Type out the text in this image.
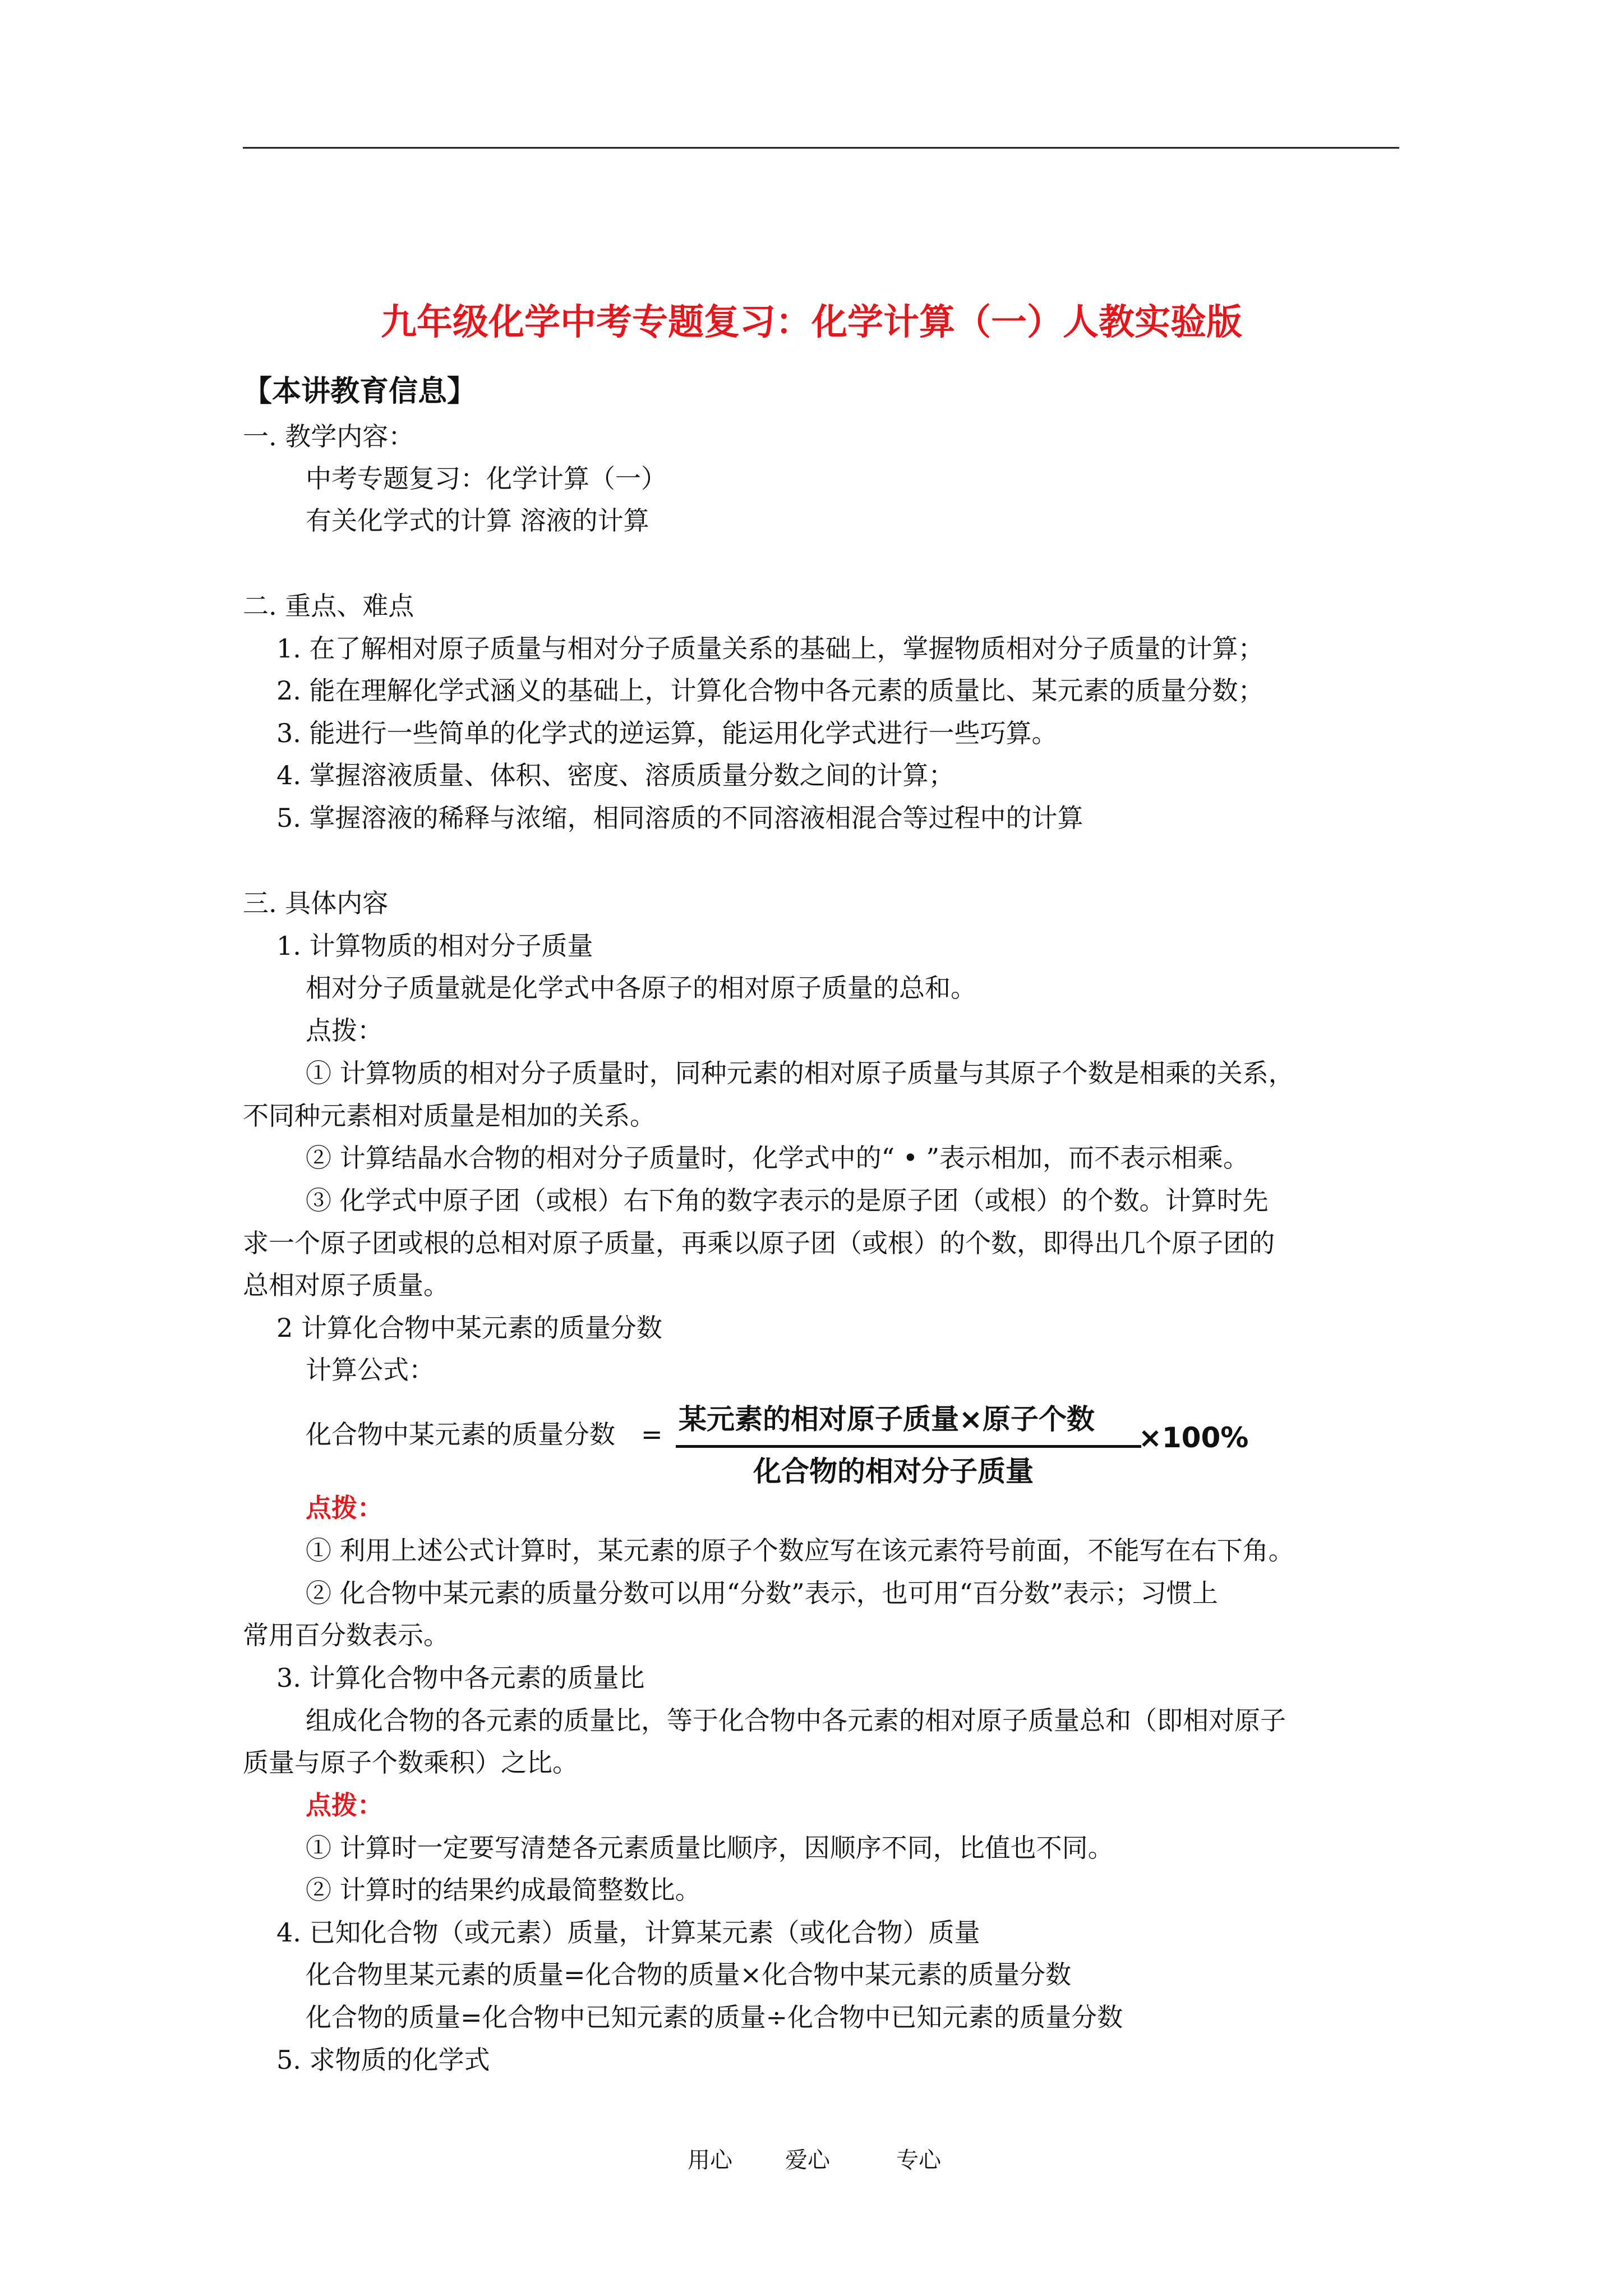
九年级化学中考专题复习：化学计算（一）人教实验版
【本讲教育信息】
一. 教学内容：
中考专题复习：化学计算（一）
有关化学式的计算 溶液的计算
二. 重点、难点
1. 在了解相对原子质量与相对分子质量关系的基础上，掌握物质相对分子质量的计算；
2. 能在理解化学式涵义的基础上，计算化合物中各元素的质量比、某元素的质量分数；
3. 能进行一些简单的化学式的逆运算，能运用化学式进行一些巧算。
4. 掌握溶液质量、体积、密度、溶质质量分数之间的计算；
5. 掌握溶液的稀释与浓缩，相同溶质的不同溶液相混合等过程中的计算
三. 具体内容
1. 计算物质的相对分子质量
相对分子质量就是化学式中各原子的相对原子质量的总和。
点拨：
① 计算物质的相对分子质量时，同种元素的相对原子质量与其原子个数是相乘的关系，
不同种元素相对质量是相加的关系。
② 计算结晶水合物的相对分子质量时，化学式中的“ • ”表示相加，而不表示相乘。
③ 化学式中原子团（或根）右下角的数字表示的是原子团（或根）的个数。计算时先
求一个原子团或根的总相对原子质量，再乘以原子团（或根）的个数，即得出几个原子团的
总相对原子质量。
2 计算化合物中某元素的质量分数
计算公式：
化合物中某元素的质量分数 = 某元素的相对原子质量×原子个数
化合物的相对分子质量
×100%
点拨：
① 利用上述公式计算时，某元素的原子个数应写在该元素符号前面，不能写在右下角。
② 化合物中某元素的质量分数可以用“分数”表示，也可用“百分数”表示；习惯上
常用百分数表示。
3. 计算化合物中各元素的质量比
组成化合物的各元素的质量比，等于化合物中各元素的相对原子质量总和（即相对原子
质量与原子个数乘积）之比。
点拨：
① 计算时一定要写清楚各元素质量比顺序，因顺序不同，比值也不同。
② 计算时的结果约成最简整数比。
4. 已知化合物（或元素）质量，计算某元素（或化合物）质量
化合物里某元素的质量=化合物的质量×化合物中某元素的质量分数
化合物的质量=化合物中已知元素的质量÷化合物中已知元素的质量分数
5. 求物质的化学式
用心 爱心	专心
